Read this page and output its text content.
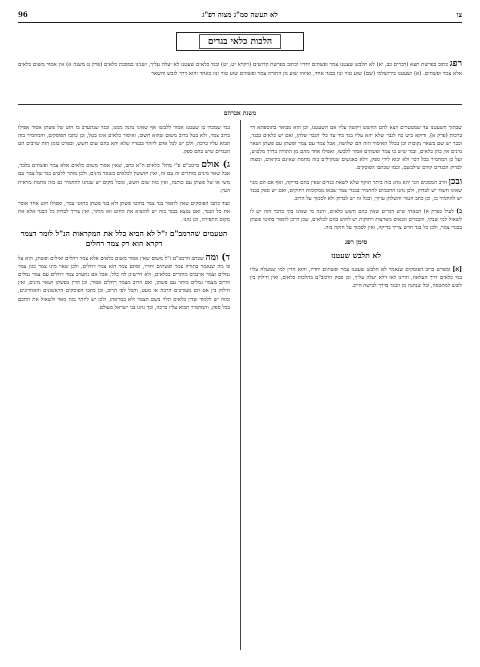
צו
לא תעשה סמ"ג מצוה רפ"ג
96
הלכות כלאי בגדים
רפג כתוב בפרשת תצא (דברים כב, יא) לא תלבש שעטנז צמר ופשתים יחדיו וכתוב בפרשת קדושים (ויקרא יט, יט) ובגד כלאים שעטנז לא יעלה עליך, ושנינו במסכת כלאים (פרק ט משנה א) אין אסור משום כלאים אלא צמר ופשתים. (א) ושעטנז בירושלמי (שם) שוע טווי ונוז בבגד אחד, ואיזהו שוע מן התורה צמר ופשתים שוע טווי ונוז כאחד והוא דרך לובש והשאר
משנת אברהם

שבתוך השעטנז עד שמטטרים ויצא להם החשש ויקשה עליו אם השעטנז, וכן הוא מבואר בתוספתא דר ברכות (פרק א), ודוקא ביש כח לגבר שלא יהא עליו בגד ביד עד כלי הגבר שלהן, ואם יש כלאים בבגד, וכבר יש שם בשאר נקובות וכן בכלל האיסור הזה הם שלושה, אבל צמר עם צמר ופשתן עם פשתן ושאר מינים אין בהן כלאים, ובגד שיש בו צמר ופשתים אסור ללבשו, ואפילו אחד מהם מן התורה בדרך מלבוש, ועל כן המחמיר בכל דבר ולא יבוא לידי ספק, דלא כאנשים שמקילים בזה מחמת שאינם בקיאים, ומצוה לבדוק הבגדים קודם שילבשם, וכמו שכתבו הפוסקים.

ובכן הרב המסכים הכי יהא נוהג בזה ביתר תוקף שלא לשאת בגדים שאין בהם בדיקה, ואף אם הם מגוי שאינו חשוד יש לבדוק, ולכן נהגו החכמים להחמיר בבגדי צמר שבאו ממקומות רחוקים, ואם יש ספק בבגד יש להחמיר בו, וכן כתב הטור והשלחן ערוך, ובכל זה יש לבדוק ולא לסמוך על הרוב.

ב) לעיל בפרק א) הבאתי שיש דברים שאין בהם חשש כלאים, והנה מי שאינו בקי בדבר הזה יש לו לשאול למי שבקי, והבגדים הבאים מארצות רחוקות יש לחוש בהם לכלאים, שכן דרכן לתפור בחוטי פשתן בבגדי צמר, ולכן כל בגד חדש צריך בדיקה, ואין לסמוך על חזקה בזה.

סימן רפג
לא תלבש שעטנז

[א] ומפרש ברוב הפוסקים שנאמר לא תלבש שעטנז צמר ופשתים יחדיו, והוא הדין למי שמעלה עליו בגד כלאים דרך העלאה, והיינו לאו דלא יעלה עליך, וכן פסק הרמב"ם בהלכות כלאים, ואין חילוק בין לובש למתכסה, וכל שנהנה מן הבגד בדרך לבישה חייב.

בגד שמכרו בו שעטנז אסור ללבשו אף שאינו נהנה ממנו, ובגד שנתערב בו חוט של פשתן אסור אפילו ברוב צמר, ולא בטל ברוב משום שהוא חשוב, ואיסור כלאים אינו בטל, וכן כתבו הפוסקים, והמחמיר בזה תבוא עליו ברכה, ולכן יש לכל אדם ליזהר בבגדיו שלא יהא בהם שום חשש, ובפרט בזמן הזה שרבים הם הבגדים שיש בהם ספק.

ג) אולם ברמב"ם פ"י מהל' כלאים ה"א כתב, שאין אסור משום כלאים אלא צמר ופשתים בלבד, אבל שאר מינים מותרים זה עם זה, ואין חוששין לכלאים בשאר מינים, ולכן מותר ללבוש בגד של צמר עם משי או של פשתן עם כותנה, ואין בזה שום חשש, ומכל מקום יש שנהגו להחמיר גם בזה מחמת מראית העין.

ועוד כתבו הפוסקים שאין לתפור בגד צמר בחוטי פשתן ולא בגד פשתן בחוטי צמר, ואפילו חוט אחד אוסר את כל הבגד, ואם נמצא בבגד כזה יש להוציא את החוט ואז מותר, ואין צריך לבדוק כל הבגד אלא את מקום התפירה, וכן נהגו.

הטעמים שהרמב"ם ז"ל לא הביא כלל את המקראות הנ"ל לומר דצמר דקרא הוא רק צמר רחלים

ד) ומה שכתב הרמב"ם ז"ל משום שאין אסור משום כלאים אלא צמר רחלים ואילים ופשתן, הוא על פי מה שנאמר בתורה צמר ופשתים יחדיו, וסתם צמר הוא צמר רחלים, ולכן שאר מיני צמר כגון צמר גמלים וצמר ארנבים מותרים בכלאים, ולא חיישינן לה כלל, אבל אם נתערב צמר רחלים עם צמר גמלים והרוב מצמר גמלים מותר עם פשתן, ואם הרוב מצמר רחלים אסור, וכן הדין בפשתן ושאר מינים, ואין חילוק בין אם הם מעורבים הרבה או מעט, והכל לפי הרוב, וכן כתבו הפוסקים הראשונים והאחרונים, ומזה יש ללמוד שדין כלאים תלוי בשם הצמר ולא במראהו, ולכן יש ליזהר בזה מאד ולשאול את החכם בכל ספק, והמחמיר תבוא עליו ברכה, וכך נהגו בני ישראל מעולם.
